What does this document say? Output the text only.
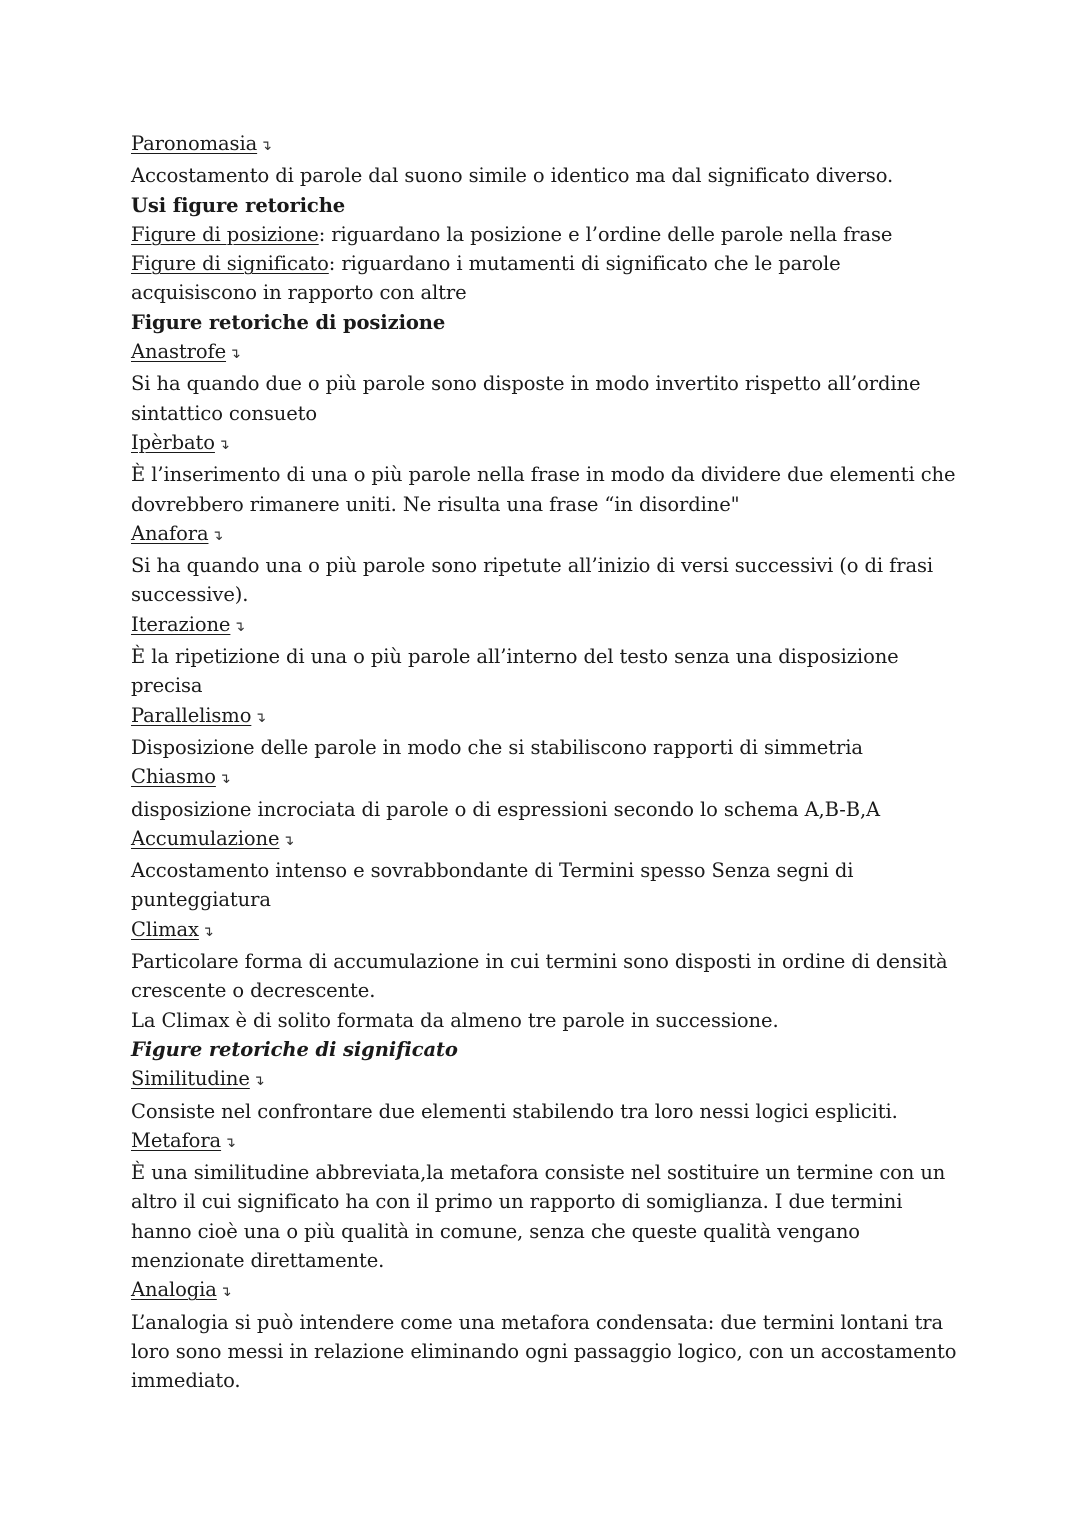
Paronomasia ↴
Accostamento di parole dal suono simile o identico ma dal significato diverso.
Usi figure retoriche
Figure di posizione: riguardano la posizione e l’ordine delle parole nella frase
Figure di significato: riguardano i mutamenti di significato che le parole acquisiscono in rapporto con altre
Figure retoriche di posizione
Anastrofe ↴
Si ha quando due o più parole sono disposte in modo invertito rispetto all’ordine sintattico consueto
Ipèrbato ↴
È l’inserimento di una o più parole nella frase in modo da dividere due elementi che dovrebbero rimanere uniti. Ne risulta una frase “in disordine"
Anafora ↴
Si ha quando una o più parole sono ripetute all’inizio di versi successivi (o di frasi successive).
Iterazione ↴
È la ripetizione di una o più parole all’interno del testo senza una disposizione precisa
Parallelismo ↴
Disposizione delle parole in modo che si stabiliscono rapporti di simmetria
Chiasmo ↴
disposizione incrociata di parole o di espressioni secondo lo schema A,B-B,A
Accumulazione ↴
Accostamento intenso e sovrabbondante di Termini spesso Senza segni di punteggiatura
Climax ↴
Particolare forma di accumulazione in cui termini sono disposti in ordine di densità crescente o decrescente.
La Climax è di solito formata da almeno tre parole in successione.
Figure retoriche di significato
Similitudine ↴
Consiste nel confrontare due elementi stabilendo tra loro nessi logici espliciti.
Metafora ↴
È una similitudine abbreviata,la metafora consiste nel sostituire un termine con un altro il cui significato ha con il primo un rapporto di somiglianza. I due termini hanno cioè una o più qualità in comune, senza che queste qualità vengano menzionate direttamente.
Analogia ↴
L’analogia si può intendere come una metafora condensata: due termini lontani tra loro sono messi in relazione eliminando ogni passaggio logico, con un accostamento immediato.
